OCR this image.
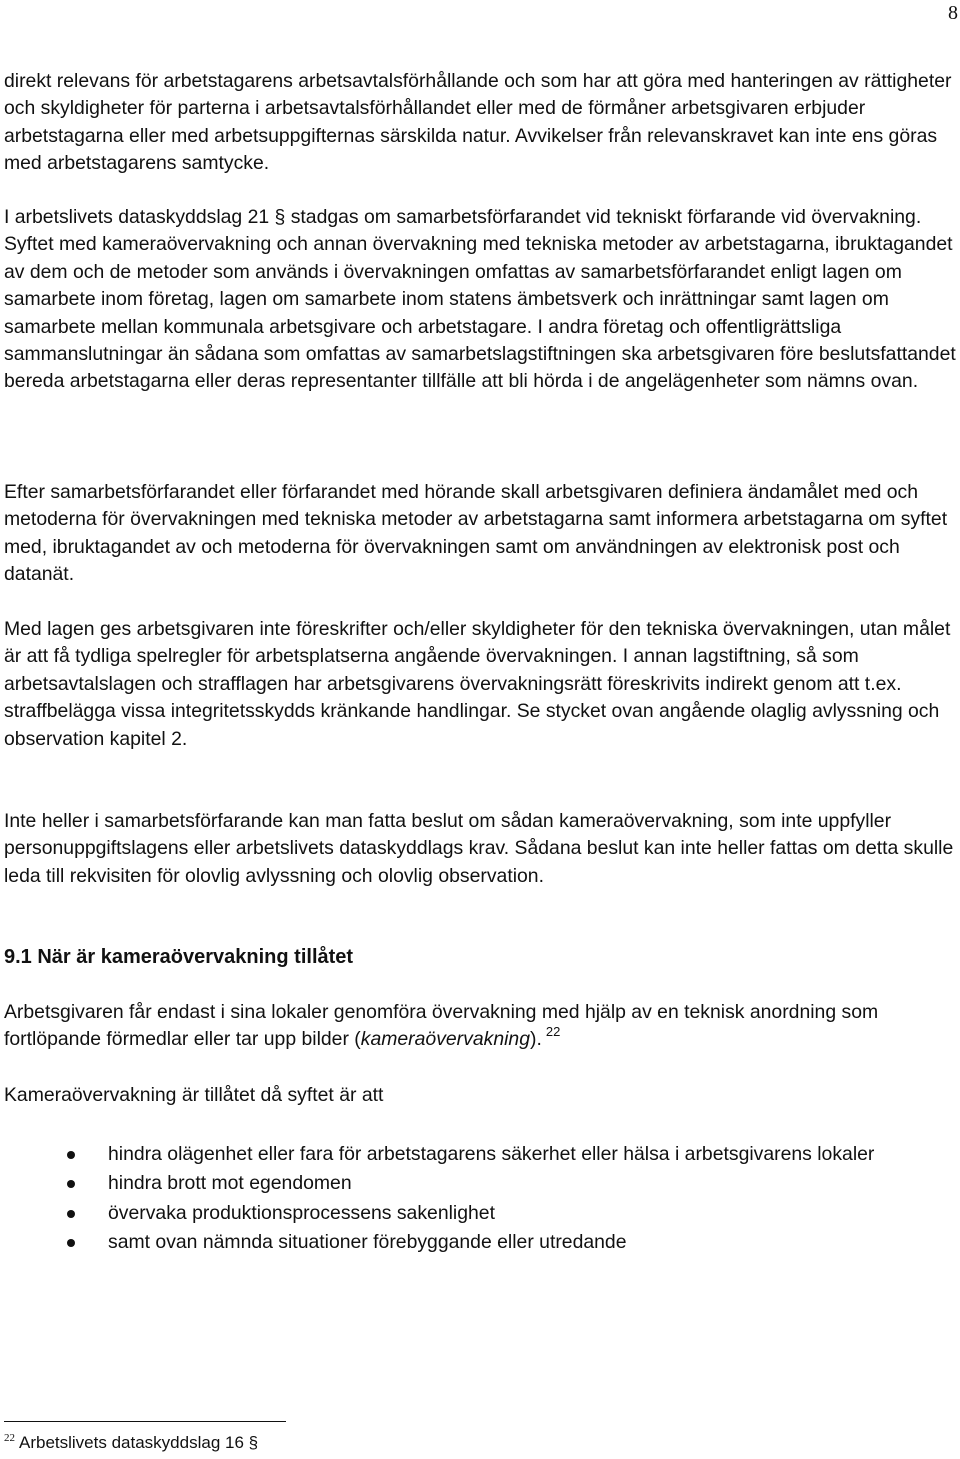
8

direkt relevans för arbetstagarens arbetsavtalsförhållande och som har att göra med hanteringen av rättigheter och skyldigheter för parterna i arbetsavtalsförhållandet eller med de förmåner arbetsgivaren erbjuder arbetstagarna eller med arbetsuppgifternas särskilda natur. Avvikelser från relevanskravet kan inte ens göras med arbetstagarens samtycke.

I arbetslivets dataskyddslag 21 § stadgas om samarbetsförfarandet vid tekniskt förfarande vid övervakning. Syftet med kameraövervakning och annan övervakning med tekniska metoder av arbetstagarna, ibruktagandet av dem och de metoder som används i övervakningen omfattas av samarbetsförfarandet enligt lagen om samarbete inom företag, lagen om samarbete inom statens ämbetsverk och inrättningar samt lagen om samarbete mellan kommunala arbetsgivare och arbetstagare. I andra företag och offentligrättsliga sammanslutningar än sådana som omfattas av samarbetslagstiftningen ska arbetsgivaren före beslutsfattandet bereda arbetstagarna eller deras representanter tillfälle att bli hörda i de angelägenheter som nämns ovan.

Efter samarbetsförfarandet eller förfarandet med hörande skall arbetsgivaren definiera ändamålet med och metoderna för övervakningen med tekniska metoder av arbetstagarna samt informera arbetstagarna om syftet med, ibruktagandet av och metoderna för övervakningen samt om användningen av elektronisk post och datanät.

Med lagen ges arbetsgivaren inte föreskrifter och/eller skyldigheter för den tekniska övervakningen, utan målet är att få tydliga spelregler för arbetsplatserna angående övervakningen. I annan lagstiftning, så som arbetsavtalslagen och strafflagen har arbetsgivarens övervakningsrätt föreskrivits indirekt genom att t.ex. straffbelägga vissa integritetsskydds kränkande handlingar. Se stycket ovan angående olaglig avlyssning och observation kapitel 2.

Inte heller i samarbetsförfarande kan man fatta beslut om sådan kameraövervakning, som inte uppfyller personuppgiftslagens eller arbetslivets dataskyddlags krav. Sådana beslut kan inte heller fattas om detta skulle leda till rekvisiten för olovlig avlyssning och olovlig observation.

9.1 När är kameraövervakning tillåtet

Arbetsgivaren får endast i sina lokaler genomföra övervakning med hjälp av en teknisk anordning som fortlöpande förmedlar eller tar upp bilder (kameraövervakning). $^{22}$

Kameraövervakning är tillåtet då syftet är att

hindra olägenhet eller fara för arbetstagarens säkerhet eller hälsa i arbetsgivarens lokaler
hindra brott mot egendomen
övervaka produktionsprocessens sakenlighet
samt ovan nämnda situationer förebyggande eller utredande
$^{22}$ Arbetslivets dataskyddslag 16 §
